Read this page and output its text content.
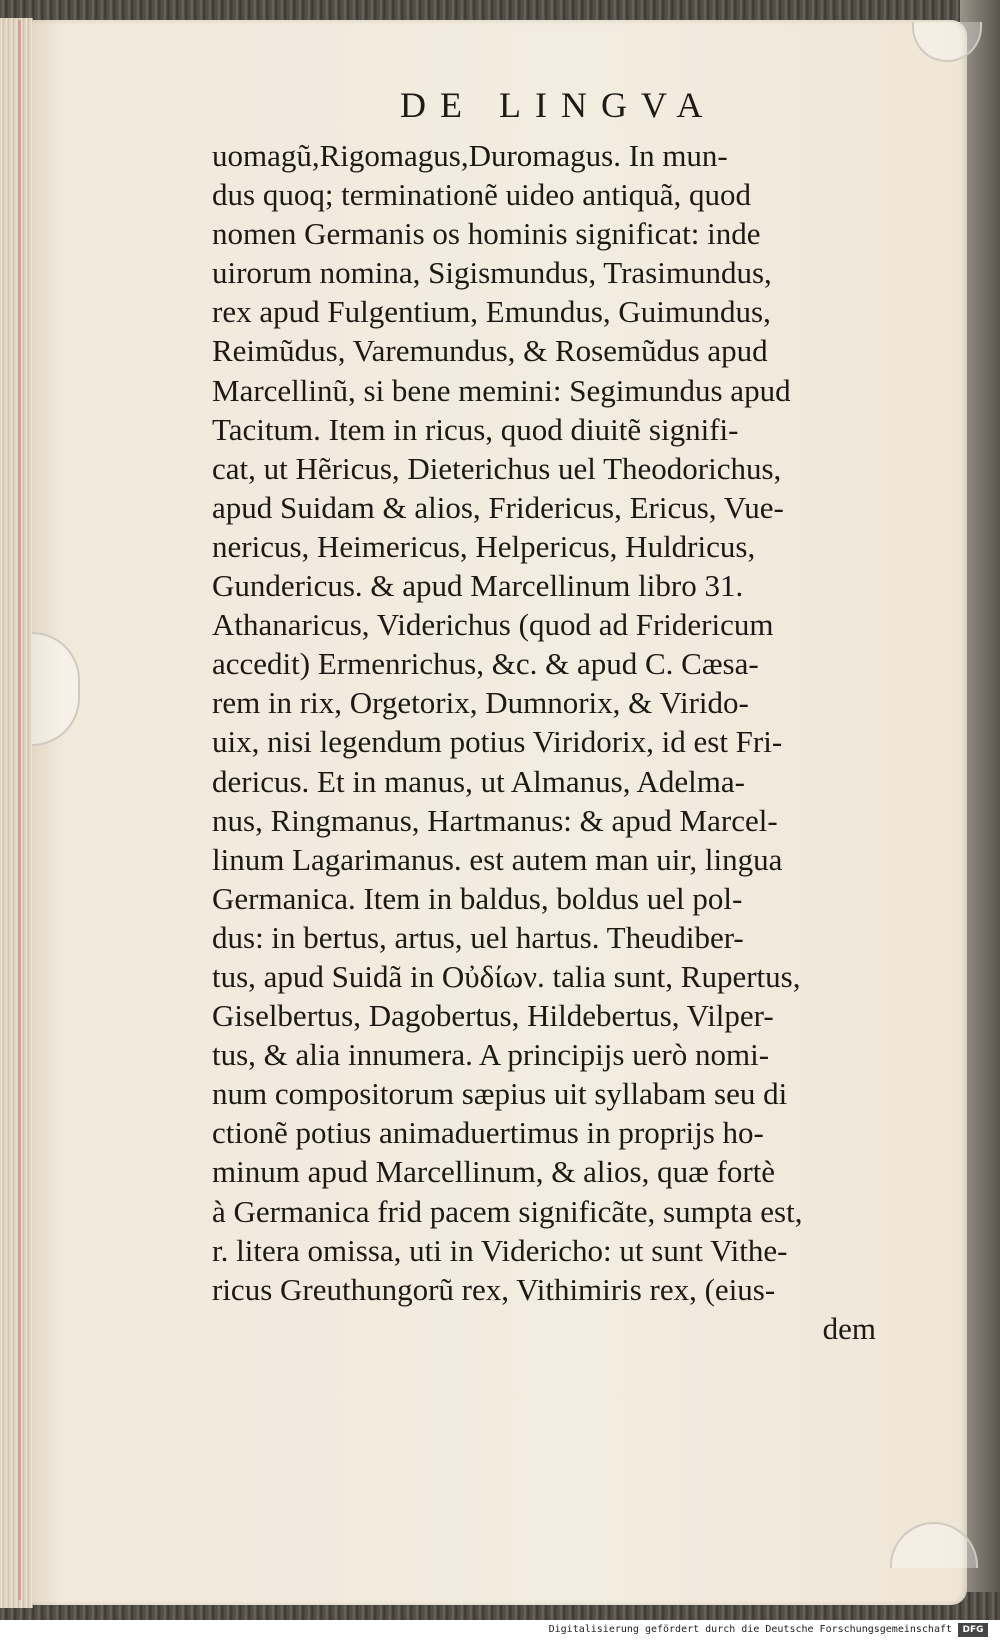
DE LINGVA
uomagũ,Rigomagus,Duromagus. In mun-
dus quoq; terminationẽ uideo antiquã, quod
nomen Germanis os hominis significat: inde
uirorum nomina, Sigismundus, Trasimundus,
rex apud Fulgentium, Emundus, Guimundus,
Reimũdus, Varemundus, & Rosemũdus apud
Marcellinũ, si bene memini: Segimundus apud
Tacitum. Item in ricus, quod diuitẽ signifi-
cat, ut Hẽricus, Dieterichus uel Theodorichus,
apud Suidam & alios, Fridericus, Ericus, Vue-
nericus, Heimericus, Helpericus, Huldricus,
Gundericus. & apud Marcellinum libro 31.
Athanaricus, Viderichus (quod ad Fridericum
accedit) Ermenrichus, &c. & apud C. Cæsa-
rem in rix, Orgetorix, Dumnorix, & Virido-
uix, nisi legendum potius Viridorix, id est Fri-
dericus. Et in manus, ut Almanus, Adelma-
nus, Ringmanus, Hartmanus: & apud Marcel-
linum Lagarimanus. est autem man uir, lingua
Germanica. Item in baldus, boldus uel pol-
dus: in bertus, artus, uel hartus. Theudiber-
tus, apud Suidã in Οὐδίων. talia sunt, Rupertus,
Giselbertus, Dagobertus, Hildebertus, Vilper-
tus, & alia innumera. A principijs uerò nomi-
num compositorum sæpius uit syllabam seu di
ctionẽ potius animaduertimus in proprijs ho-
minum apud Marcellinum, & alios, quæ fortè
à Germanica frid pacem significãte, sumpta est,
r. litera omissa, uti in Videricho: ut sunt Vithe-
ricus Greuthungorũ rex, Vithimiris rex, (eius-
dem
Digitalisierung gefördert durch die Deutsche Forschungsgemeinschaft	DFG
